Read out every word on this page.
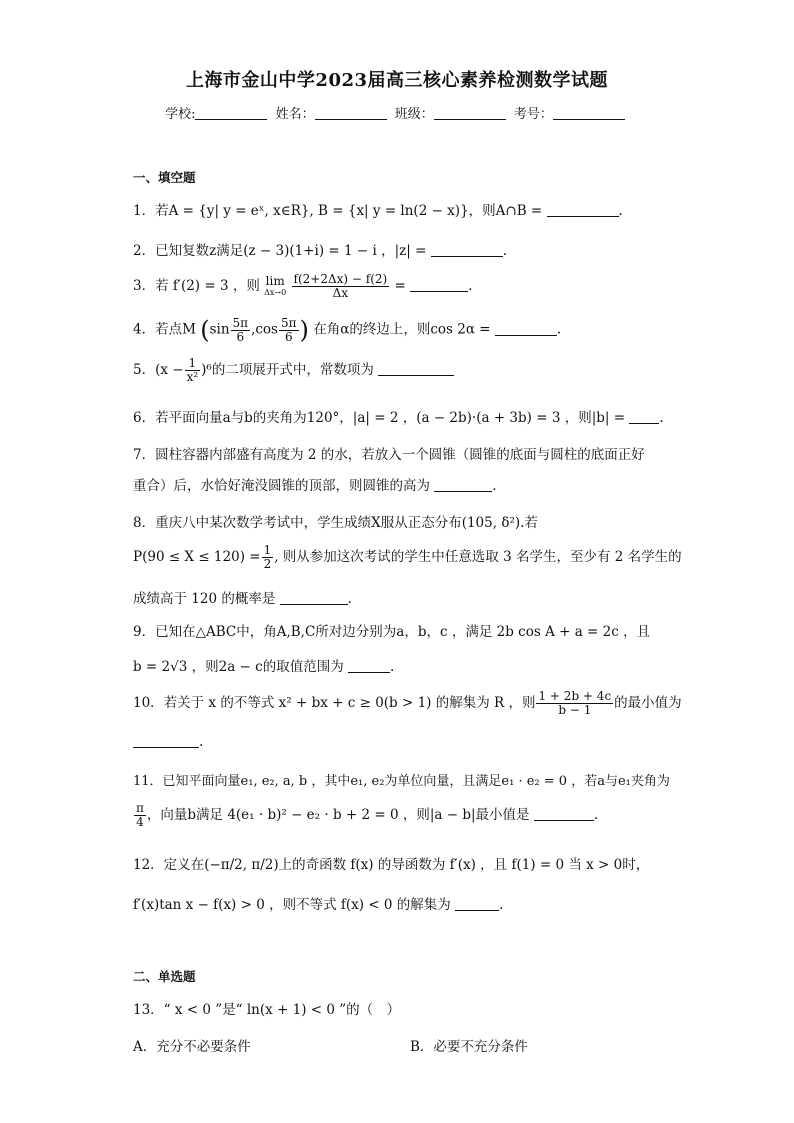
上海市金山中学2023届高三核心素养检测数学试题
学校:	姓名：	班级：	考号：
一、填空题
1．若A = {y| y = eˣ, x∈R}, B = {x| y = ln(2 − x)}，则A∩B =	.
2．已知复数z满足(z − 3)(1+i) = 1 − i ，|z| =	.
3．若 f′(2) = 3 ，则 lim
Δx→0
$\frac{f(2+2\Delta x) - f(2)}{\Delta x}$ =	.
4．若点M ($\sin \frac{5\pi}{6} ,\cos \frac{5\pi}{6}$ ) 在角α的终边上，则cos 2α =	.
5．$(x - \frac{1}{\text{x²}} )^6$的二项展开式中，常数项为
6．若平面向量a与b的夹角为120°，|a| = 2 ，(a − 2b)·(a + 3b) = 3 ，则|b| =	.
7．圆柱容器内部盛有高度为 2 的水，若放入一个圆锥（圆锥的底面与圆柱的底面正好
重合）后，水恰好淹没圆锥的顶部，则圆锥的高为	.
8．重庆八中某次数学考试中，学生成绩X服从正态分布(105, δ²).若
$P(90 \le X \le 120) = \frac{1}{2}$ , 则从参加这次考试的学生中任意选取 3 名学生，至少有 2 名学生的
成绩高于 120 的概率是	.
9．已知在△ABC中，角A,B,C所对边分别为a，b，c ，满足 2b cos A + a = 2c ，且
b = 2√3 ，则2a − c的取值范围为	.
10．若关于 x 的不等式 x² + bx + c ≥ 0(b > 1) 的解集为 R ，则 $\frac{1 + 2b + 4c}{b - 1}$ 的最小值为
.
11．已知平面向量e₁, e₂, a, b ，其中e₁, e₂为单位向量，且满足e₁ · e₂ = 0 ，若a与e₁夹角为
$\frac{\pi}{4}$ ，向量b满足 4(e₁ · b)² − e₂ · b + 2 = 0 ，则|a − b|最小值是	.
12．定义在(−π/2, π/2)上的奇函数 f(x) 的导函数为 f′(x) ，且 f(1) = 0 当 x > 0时，
f′(x)tan x − f(x) > 0 ，则不等式 f(x) < 0 的解集为	.
二、单选题
13．“ x < 0 ”是“ ln(x + 1) < 0 ”的（　）
A．充分不必要条件	B．必要不充分条件
